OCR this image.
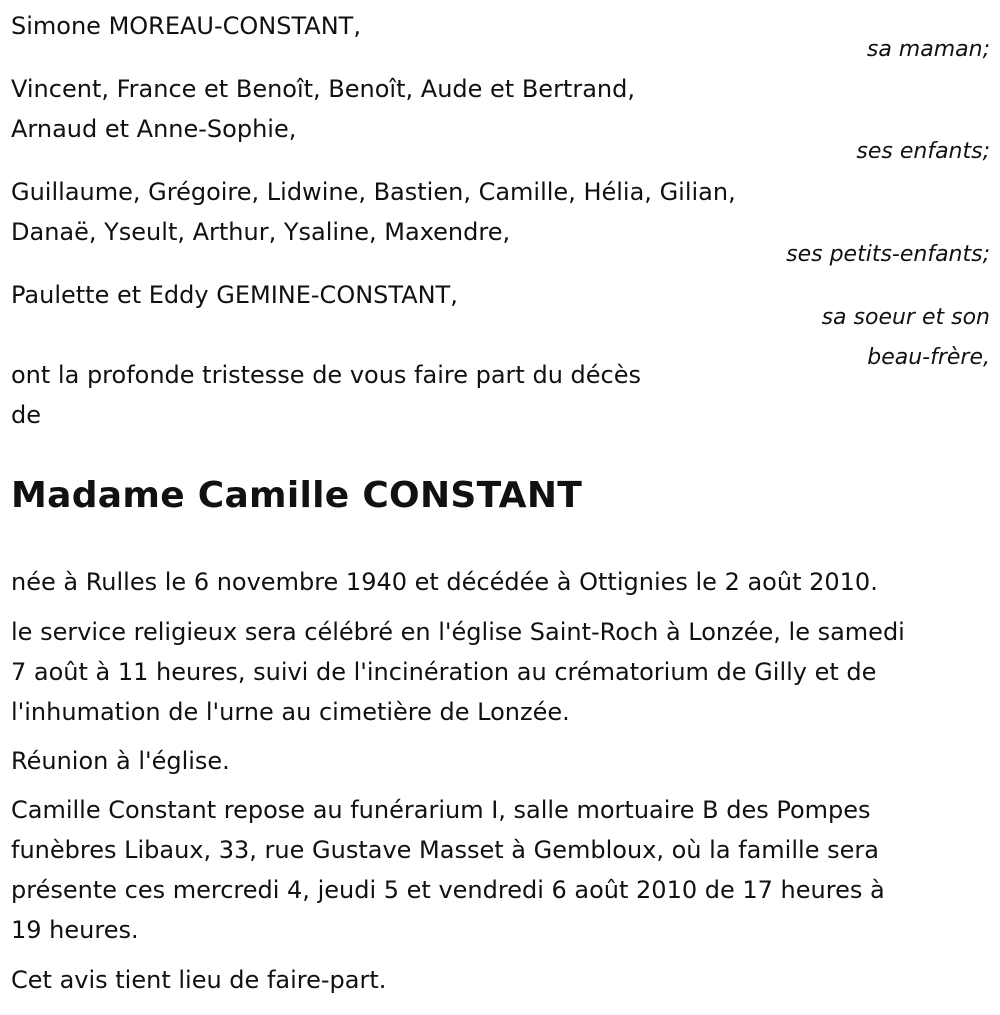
Simone MOREAU-CONSTANT,

sa maman;

Vincent, France et Benoît, Benoît, Aude et Bertrand,

Arnaud et Anne-Sophie,

ses enfants;

Guillaume, Grégoire, Lidwine, Bastien, Camille, Hélia, Gilian,

Danaë, Yseult, Arthur, Ysaline, Maxendre,

ses petits-enfants;

Paulette et Eddy GEMINE-CONSTANT,

sa soeur et son

beau-frère,

ont la profonde tristesse de vous faire part du décès

de

Madame Camille CONSTANT

née à Rulles le 6 novembre 1940 et décédée à Ottignies le 2 août 2010.

le service religieux sera célébré en l'église Saint-Roch à Lonzée, le samedi

7 août à 11 heures, suivi de l'incinération au crématorium de Gilly et de

l'inhumation de l'urne au cimetière de Lonzée.

Réunion à l'église.

Camille Constant repose au funérarium I, salle mortuaire B des Pompes

funèbres Libaux, 33, rue Gustave Masset à Gembloux, où la famille sera

présente ces mercredi 4, jeudi 5 et vendredi 6 août 2010 de 17 heures à

19 heures.

Cet avis tient lieu de faire-part.
